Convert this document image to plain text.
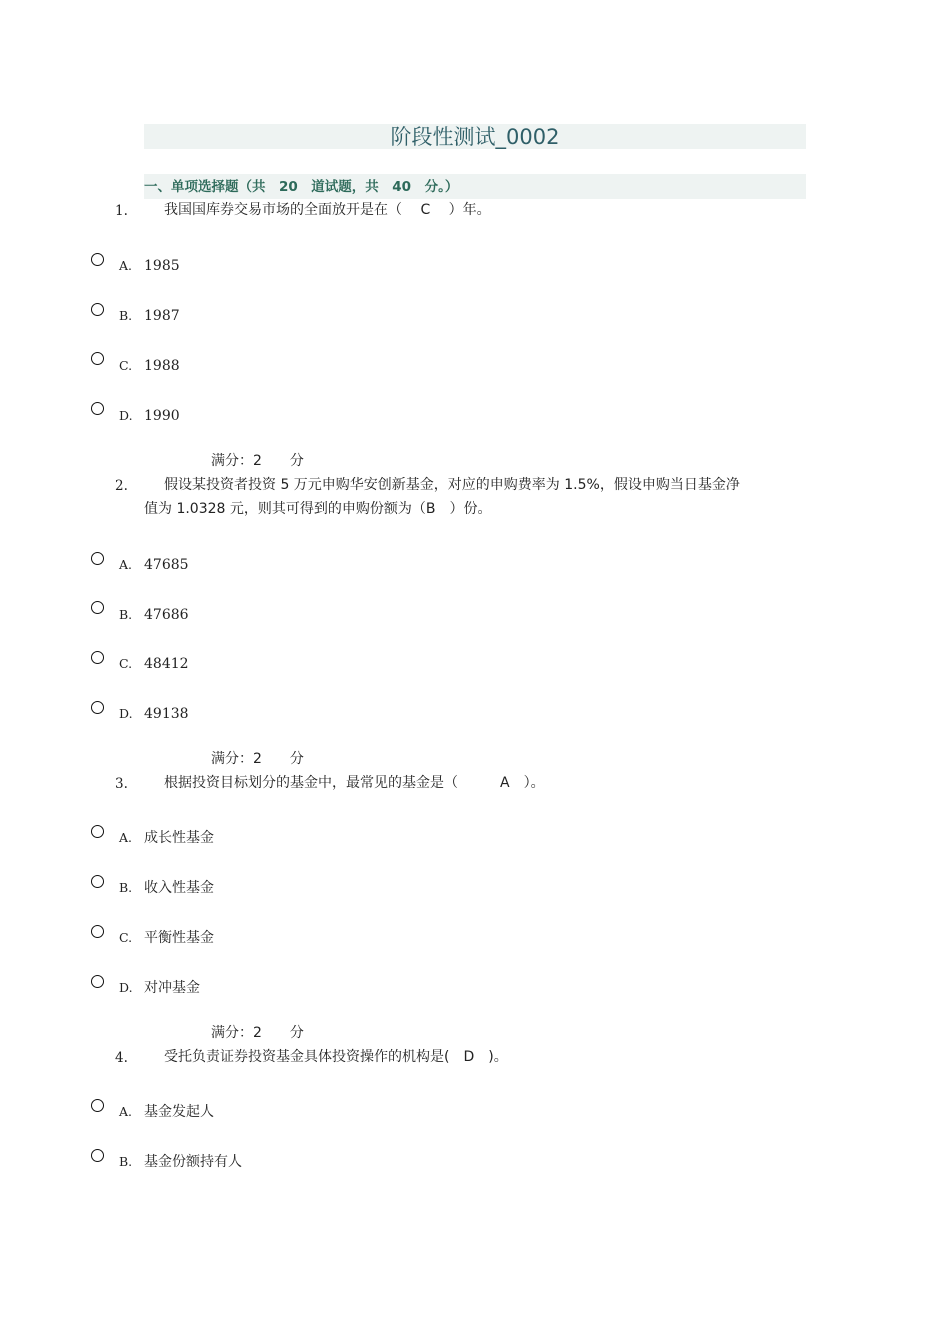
阶段性测试_0002
一、单项选择题（共　20　道试题，共　40　分。）
1.	我国国库券交易市场的全面放开是在（　 C　 ）年。
A. 1985
B. 1987
C. 1988
D. 1990
满分：2　　分
2.	假设某投资者投资 5 万元申购华安创新基金，对应的申购费率为 1.5%，假设申购当日基金净
值为 1.0328 元，则其可得到的申购份额为（B　）份。
A. 47685
B. 47686
C. 48412
D. 49138
满分：2　　分
3.	根据投资目标划分的基金中，最常见的基金是（　　　A　）。
A. 成长性基金
B. 收入性基金
C. 平衡性基金
D. 对冲基金
满分：2　　分
4.	受托负责证券投资基金具体投资操作的机构是(　D　)。
A. 基金发起人
B. 基金份额持有人
